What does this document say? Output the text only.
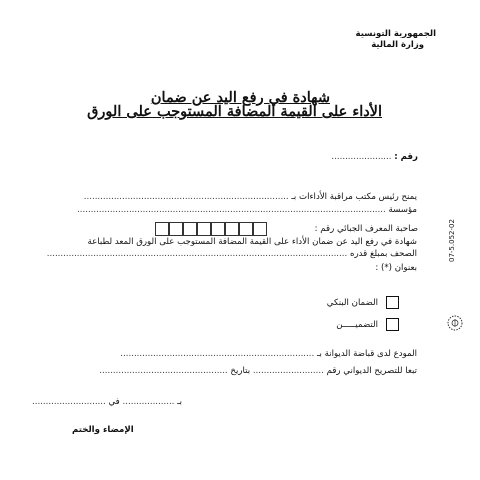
الجمهورية التونسية
وزارة المالية
شهادة في رفع اليد عن ضمان
الأداء على القيمة المضافة المستوجب على الورق
رقم : ......................
يمنح رئيس مكتب مراقبة الأداءات بـ ...........................................................................
مؤسسة .................................................................................................................
صاحبة المعرف الجبائي رقم :
شهادة في رفع اليد عن ضمان الأداء على القيمة المضافة المستوجب على الورق المعد لطباعة
الصحف بمبلغ قدره ..............................................................................................................
بعنوان (*) :
الضمان البنكي
التضميـــــن
المودع لدى قباضة الديوانة بـ .......................................................................
تبعا للتصريح الديواني رقم .......................... بتاريخ ...............................................
بـ ................... في ...........................
الإمضاء والختم
07-5.052-02
